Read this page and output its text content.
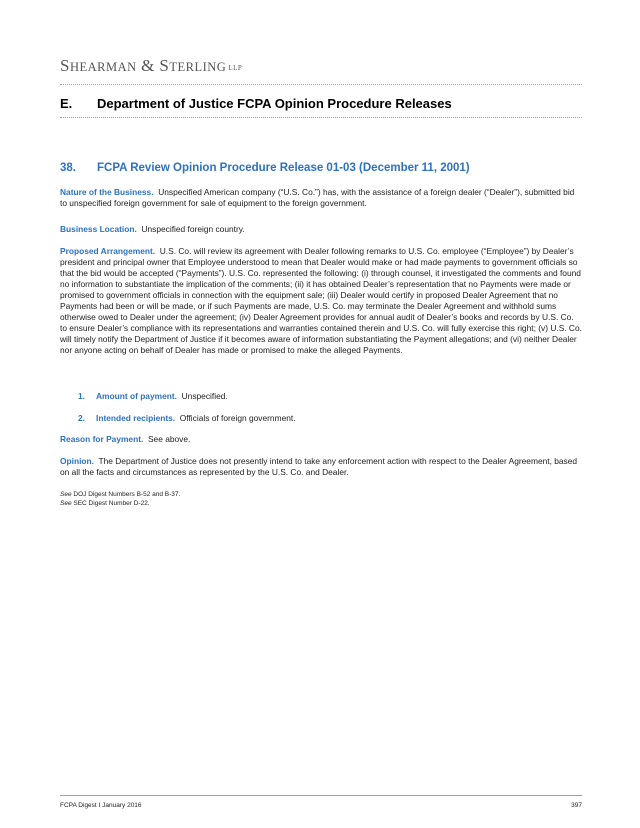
SHEARMAN & STERLING LLP
E. Department of Justice FCPA Opinion Procedure Releases
38. FCPA Review Opinion Procedure Release 01-03 (December 11, 2001)

Nature of the Business. Unspecified American company (“U.S. Co.”) has, with the assistance of a foreign dealer (“Dealer”), submitted bid to unspecified foreign government for sale of equipment to the foreign government.

Business Location. Unspecified foreign country.

Proposed Arrangement. U.S. Co. will review its agreement with Dealer following remarks to U.S. Co. employee (“Employee”) by Dealer’s president and principal owner that Employee understood to mean that Dealer would make or had made payments to government officials so that the bid would be accepted (“Payments”). U.S. Co. represented the following: (i) through counsel, it investigated the comments and found no information to substantiate the implication of the comments; (ii) it has obtained Dealer’s representation that no Payments were made or promised to government officials in connection with the equipment sale; (iii) Dealer would certify in proposed Dealer Agreement that no Payments had been or will be made, or if such Payments are made, U.S. Co. may terminate the Dealer Agreement and withhold sums otherwise owed to Dealer under the agreement; (iv) Dealer Agreement provides for annual audit of Dealer’s books and records by U.S. Co. to ensure Dealer’s compliance with its representations and warranties contained therein and U.S. Co. will fully exercise this right; (v) U.S. Co. will timely notify the Department of Justice if it becomes aware of information substantiating the Payment allegations; and (vi) neither Dealer nor anyone acting on behalf of Dealer has made or promised to make the alleged Payments.

1. Amount of payment. Unspecified.
2. Intended recipients. Officials of foreign government.

Reason for Payment. See above.

Opinion. The Department of Justice does not presently intend to take any enforcement action with respect to the Dealer Agreement, based on all the facts and circumstances as represented by the U.S. Co. and Dealer.

See DOJ Digest Numbers B-52 and B-37.
See SEC Digest Number D-22.
FCPA Digest I January 2016	397
